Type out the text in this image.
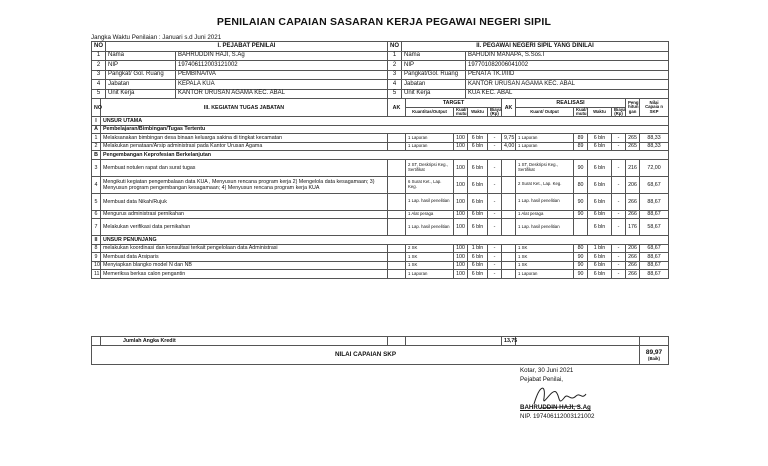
PENILAIAN CAPAIAN SASARAN KERJA PEGAWAI NEGERI SIPIL
Jangka Waktu Penilaian : Januari s.d Juni 2021
NO	I. PEJABAT PENILAI		NO	II. PEGAWAI NEGERI SIPIL YANG DINILAI	
1	Nama	BAHRUDDIN HAJI, S.Ag	1	Nama	BAHUDIN MANAPA, S.Sos.I
2	NIP	197406112003121002	2	NIP	197701082006041002
3	Pangkat/ Gol. Ruang	PEMBINA/IVA	3	Pangkat/Gol. Ruang	PENATA TK.I/IIID
4	Jabatan	KEPALA KUA	4	Jabatan	KANTOR URUSAN AGAMA KEC. ABAL
5	Unit Kerja	KANTOR URUSAN AGAMA KEC. ABAL	5	Unit Kerja	KUA KEC. ABAL
NO	III. KEGIATAN TUGAS JABATAN	AK	TARGET				AK	REALISASI				Peng hitun gan	Nilai Capaia n SKP
			Kuantitas/Output	Kual/ mutu	Waktu	Biaya (Rp)		Kuant/ Output	Kual/ mutu	Waktu	Biaya (Rp)		
I	UNSUR UTAMA												
A	Pembelajaran/Bimbingan/Tugas Tertentu												
1	Melaksanakan bimbingan desa binaan keluarga sakina di tingkat kecamatan		1 Laporan	100	6 bln	-	9,75	1 Laporan	89	6 bln	-	265	88,33
2	Melakukan penataan/Arsip administrasi pada Kantor Urusan Agama		1 Laporan	100	6 bln	-	4,00	1 Laporan	89	6 bln	-	265	88,33
B	Pengembangan Keprofesian Berkelanjutan												
3	Membuat notulen rapat dan surat tugas		2 ST, Deskripsi Keg., Sertifikat	100	6 bln	-		1 ST, Deskripsi Keg., Sertifikat	90	6 bln	-	216	72,00
4	Mengikuti kegiatan pengembalaan data KUA , Menyusun rencana program kerja 2) Mengelola data kesagamaan; 3) Menyusun program pengembangan kesagamaan; 4) Menyusun rencana program kerja KUA		6 Surat Ket., Lap. Keg.	100	6 bln	-		2 Surat Ket., Lap. Keg.	80	6 bln	-	206	68,67
5	Membuat data Nikah/Rujuk		1 Lap. hasil penelitian	100	6 bln	-		1 Lap. hasil penelitian	90	6 bln	-	266	88,67
6	Mengurus administrasi pernikahan		1 Alat peraga	100	6 bln	-		1 Alat peraga	90	6 bln	-	266	88,67
7	Melakukan verifikasi data pernikahan		1 Lap. hasil penelitian	100	6 bln	-		1 Lap. hasil penelitian		6 bln	-	176	58,67
II	UNSUR PENUNJANG												
8	melakukan koordinasi dan konsultasi terkait pengelolaan data Administrasi		2 SK	100	1 bln	-		1 SK	80	1 bln	-	206	68,67
9	Membuat data Arsiparis		1 SK	100	6 bln	-		1 SK	90	6 bln	-	266	88,67
10	Menyiapkan blangko model N dan NB		1 SK	100	6 bln	-		1 SK	90	6 bln	-	266	88,67
11	Memeriksa berkas calon pengantin		1 Laporan	100	6 bln	-		1 Laporan	90	6 bln	-	266	88,67
	Jumlah Angka Kredit			13,75		
NILAI CAPAIAN SKP						89,97
(Baik)
Kotar, 30 Juni 2021
Pejabat Penilai,
BAHRUDDIN HAJI, S.Ag
NIP. 197406112003121002
